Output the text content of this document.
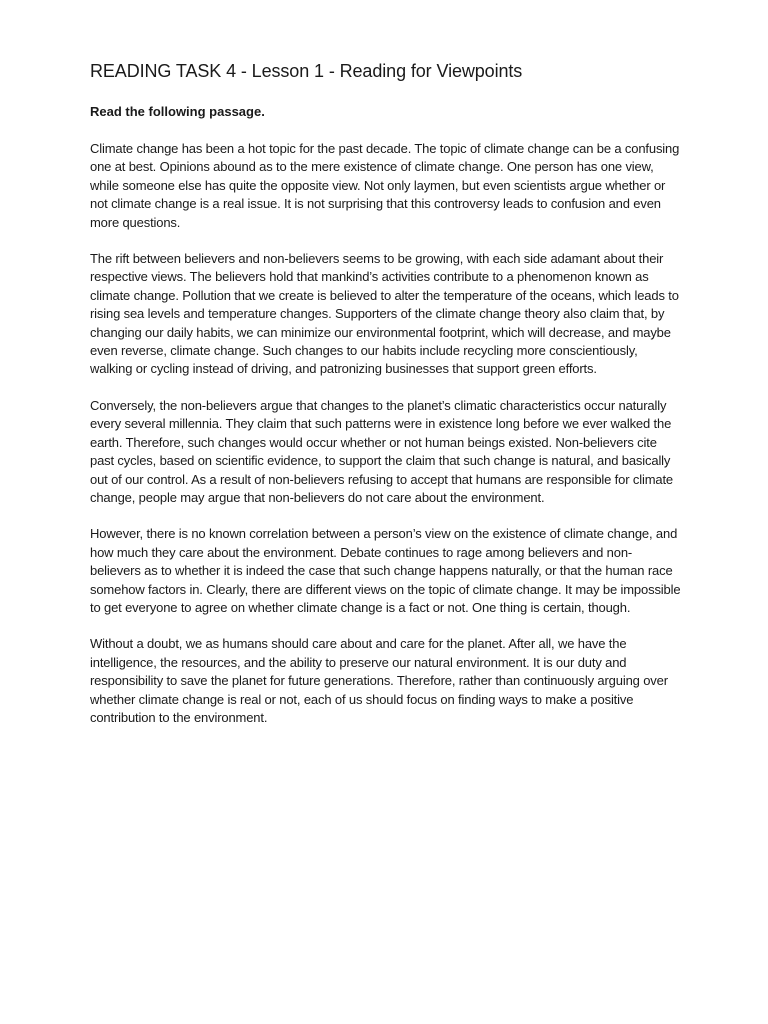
READING TASK 4 - Lesson 1 - Reading for Viewpoints

Read the following passage.

Climate change has been a hot topic for the past decade. The topic of climate change can be a confusing one at best. Opinions abound as to the mere existence of climate change. One person has one view, while someone else has quite the opposite view. Not only laymen, but even scientists argue whether or not climate change is a real issue. It is not surprising that this controversy leads to confusion and even more questions.

The rift between believers and non-believers seems to be growing, with each side adamant about their respective views. The believers hold that mankind’s activities contribute to a phenomenon known as climate change. Pollution that we create is believed to alter the temperature of the oceans, which leads to rising sea levels and temperature changes. Supporters of the climate change theory also claim that, by changing our daily habits, we can minimize our environmental footprint, which will decrease, and maybe even reverse, climate change. Such changes to our habits include recycling more conscientiously, walking or cycling instead of driving, and patronizing businesses that support green efforts.

Conversely, the non-believers argue that changes to the planet’s climatic characteristics occur naturally every several millennia. They claim that such patterns were in existence long before we ever walked the earth. Therefore, such changes would occur whether or not human beings existed. Non-believers cite past cycles, based on scientific evidence, to support the claim that such change is natural, and basically out of our control. As a result of non-believers refusing to accept that humans are responsible for climate change, people may argue that non-believers do not care about the environment.

However, there is no known correlation between a person’s view on the existence of climate change, and how much they care about the environment. Debate continues to rage among believers and non-believers as to whether it is indeed the case that such change happens naturally, or that the human race somehow factors in. Clearly, there are different views on the topic of climate change. It may be impossible to get everyone to agree on whether climate change is a fact or not. One thing is certain, though.

Without a doubt, we as humans should care about and care for the planet. After all, we have the intelligence, the resources, and the ability to preserve our natural environment. It is our duty and responsibility to save the planet for future generations. Therefore, rather than continuously arguing over whether climate change is real or not, each of us should focus on finding ways to make a positive contribution to the environment.
